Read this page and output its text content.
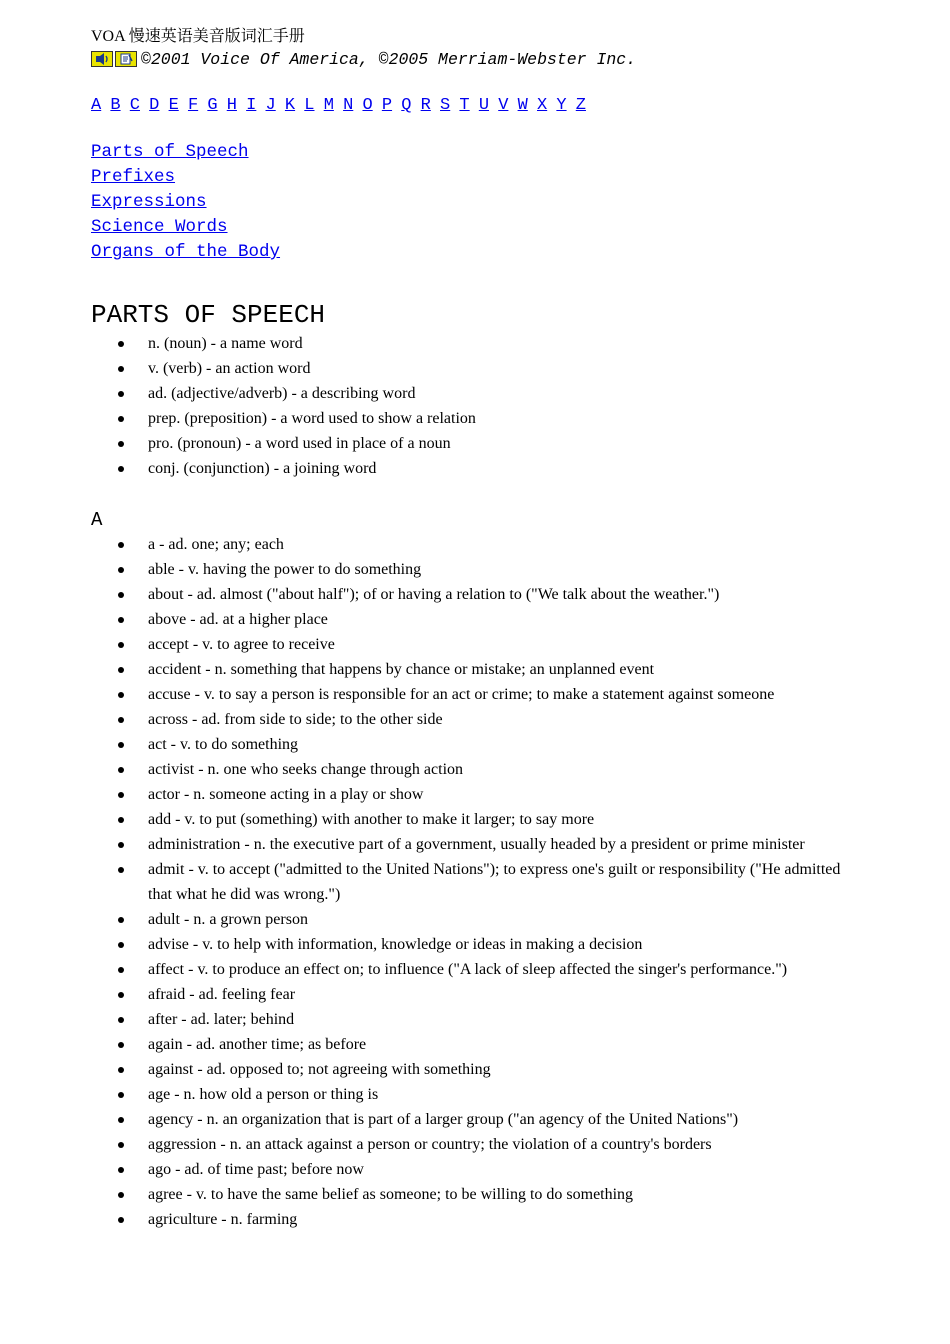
VOA 慢速英语美音版词汇手册
©2001 Voice Of America, ©2005 Merriam-Webster Inc.
A B C D E F G H I J K L M N O P Q R S T U V W X Y Z
Parts of Speech
Prefixes
Expressions
Science Words
Organs of the Body
PARTS OF SPEECH
n. (noun) - a name word
v. (verb) - an action word
ad. (adjective/adverb) - a describing word
prep. (preposition) - a word used to show a relation
pro. (pronoun) - a word used in place of a noun
conj. (conjunction) - a joining word
A
a - ad. one; any; each
able - v. having the power to do something
about - ad. almost ("about half"); of or having a relation to ("We talk about the weather.")
above - ad. at a higher place
accept - v. to agree to receive
accident - n. something that happens by chance or mistake; an unplanned event
accuse - v. to say a person is responsible for an act or crime; to make a statement against someone
across - ad. from side to side; to the other side
act - v. to do something
activist - n. one who seeks change through action
actor - n. someone acting in a play or show
add - v. to put (something) with another to make it larger; to say more
administration - n. the executive part of a government, usually headed by a president or prime minister
admit - v. to accept ("admitted to the United Nations"); to express one's guilt or responsibility ("He admitted that what he did was wrong.")
adult - n. a grown person
advise - v. to help with information, knowledge or ideas in making a decision
affect - v. to produce an effect on; to influence ("A lack of sleep affected the singer's performance.")
afraid - ad. feeling fear
after - ad. later; behind
again - ad. another time; as before
against - ad. opposed to; not agreeing with something
age - n. how old a person or thing is
agency - n. an organization that is part of a larger group ("an agency of the United Nations")
aggression - n. an attack against a person or country; the violation of a country's borders
ago - ad. of time past; before now
agree - v. to have the same belief as someone; to be willing to do something
agriculture - n. farming
